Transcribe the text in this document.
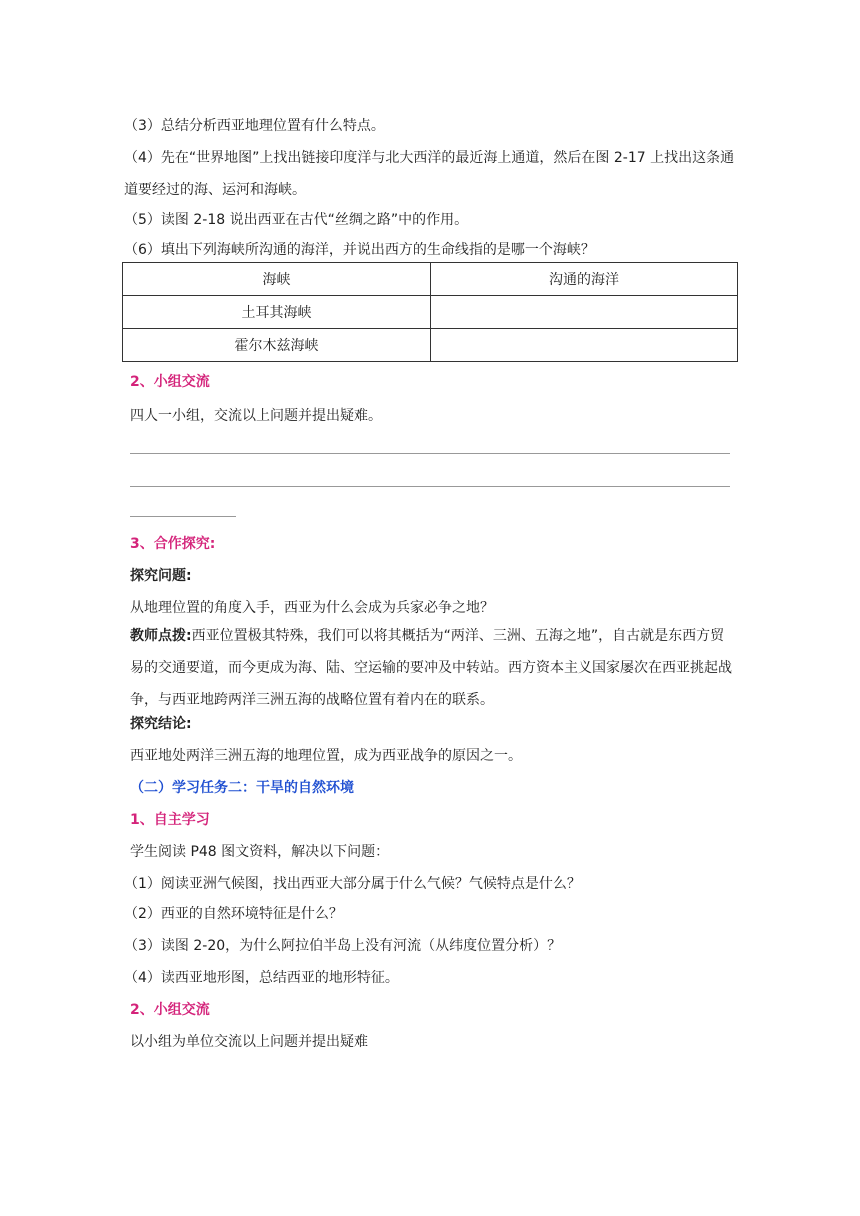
（3）总结分析西亚地理位置有什么特点。
（4）先在“世界地图”上找出链接印度洋与北大西洋的最近海上通道，然后在图 2-17 上找出这条通道要经过的海、运河和海峡。
（5）读图 2-18 说出西亚在古代“丝绸之路”中的作用。
（6）填出下列海峡所沟通的海洋，并说出西方的生命线指的是哪一个海峡？
海峡	沟通的海洋
土耳其海峡	
霍尔木兹海峡	
2、小组交流
四人一小组，交流以上问题并提出疑难。
3、合作探究:
探究问题:
从地理位置的角度入手，西亚为什么会成为兵家必争之地？
教师点拨:西亚位置极其特殊，我们可以将其概括为“两洋、三洲、五海之地”，自古就是东西方贸易的交通要道，而今更成为海、陆、空运输的要冲及中转站。西方资本主义国家屡次在西亚挑起战争，与西亚地跨两洋三洲五海的战略位置有着内在的联系。
探究结论:
西亚地处两洋三洲五海的地理位置，成为西亚战争的原因之一。
（二）学习任务二：干旱的自然环境
1、自主学习
学生阅读 P48 图文资料，解决以下问题：
（1）阅读亚洲气候图，找出西亚大部分属于什么气候？气候特点是什么？
（2）西亚的自然环境特征是什么？
（3）读图 2-20，为什么阿拉伯半岛上没有河流（从纬度位置分析）？
（4）读西亚地形图，总结西亚的地形特征。
2、小组交流
以小组为单位交流以上问题并提出疑难
